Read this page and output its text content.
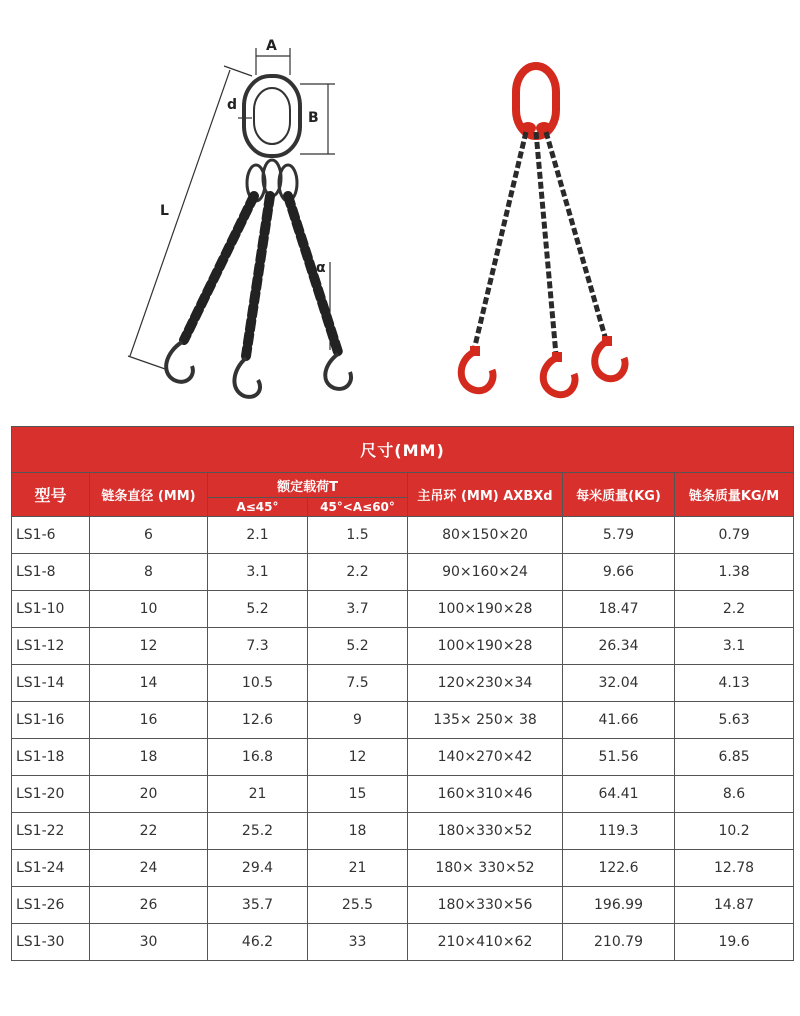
A
B
d
L
α
尺寸(MM)						
型号	链条直径 (MM)	额定载荷T		主吊环 (MM) AXBXd	每米质量(KG)	链条质量KG/M
		A≤45°	45°<A≤60°			
LS1-6	6	2.1	1.5	80×150×20	5.79	0.79
LS1-8	8	3.1	2.2	90×160×24	9.66	1.38
LS1-10	10	5.2	3.7	100×190×28	18.47	2.2
LS1-12	12	7.3	5.2	100×190×28	26.34	3.1
LS1-14	14	10.5	7.5	120×230×34	32.04	4.13
LS1-16	16	12.6	9	135× 250× 38	41.66	5.63
LS1-18	18	16.8	12	140×270×42	51.56	6.85
LS1-20	20	21	15	160×310×46	64.41	8.6
LS1-22	22	25.2	18	180×330×52	119.3	10.2
LS1-24	24	29.4	21	180× 330×52	122.6	12.78
LS1-26	26	35.7	25.5	180×330×56	196.99	14.87
LS1-30	30	46.2	33	210×410×62	210.79	19.6
